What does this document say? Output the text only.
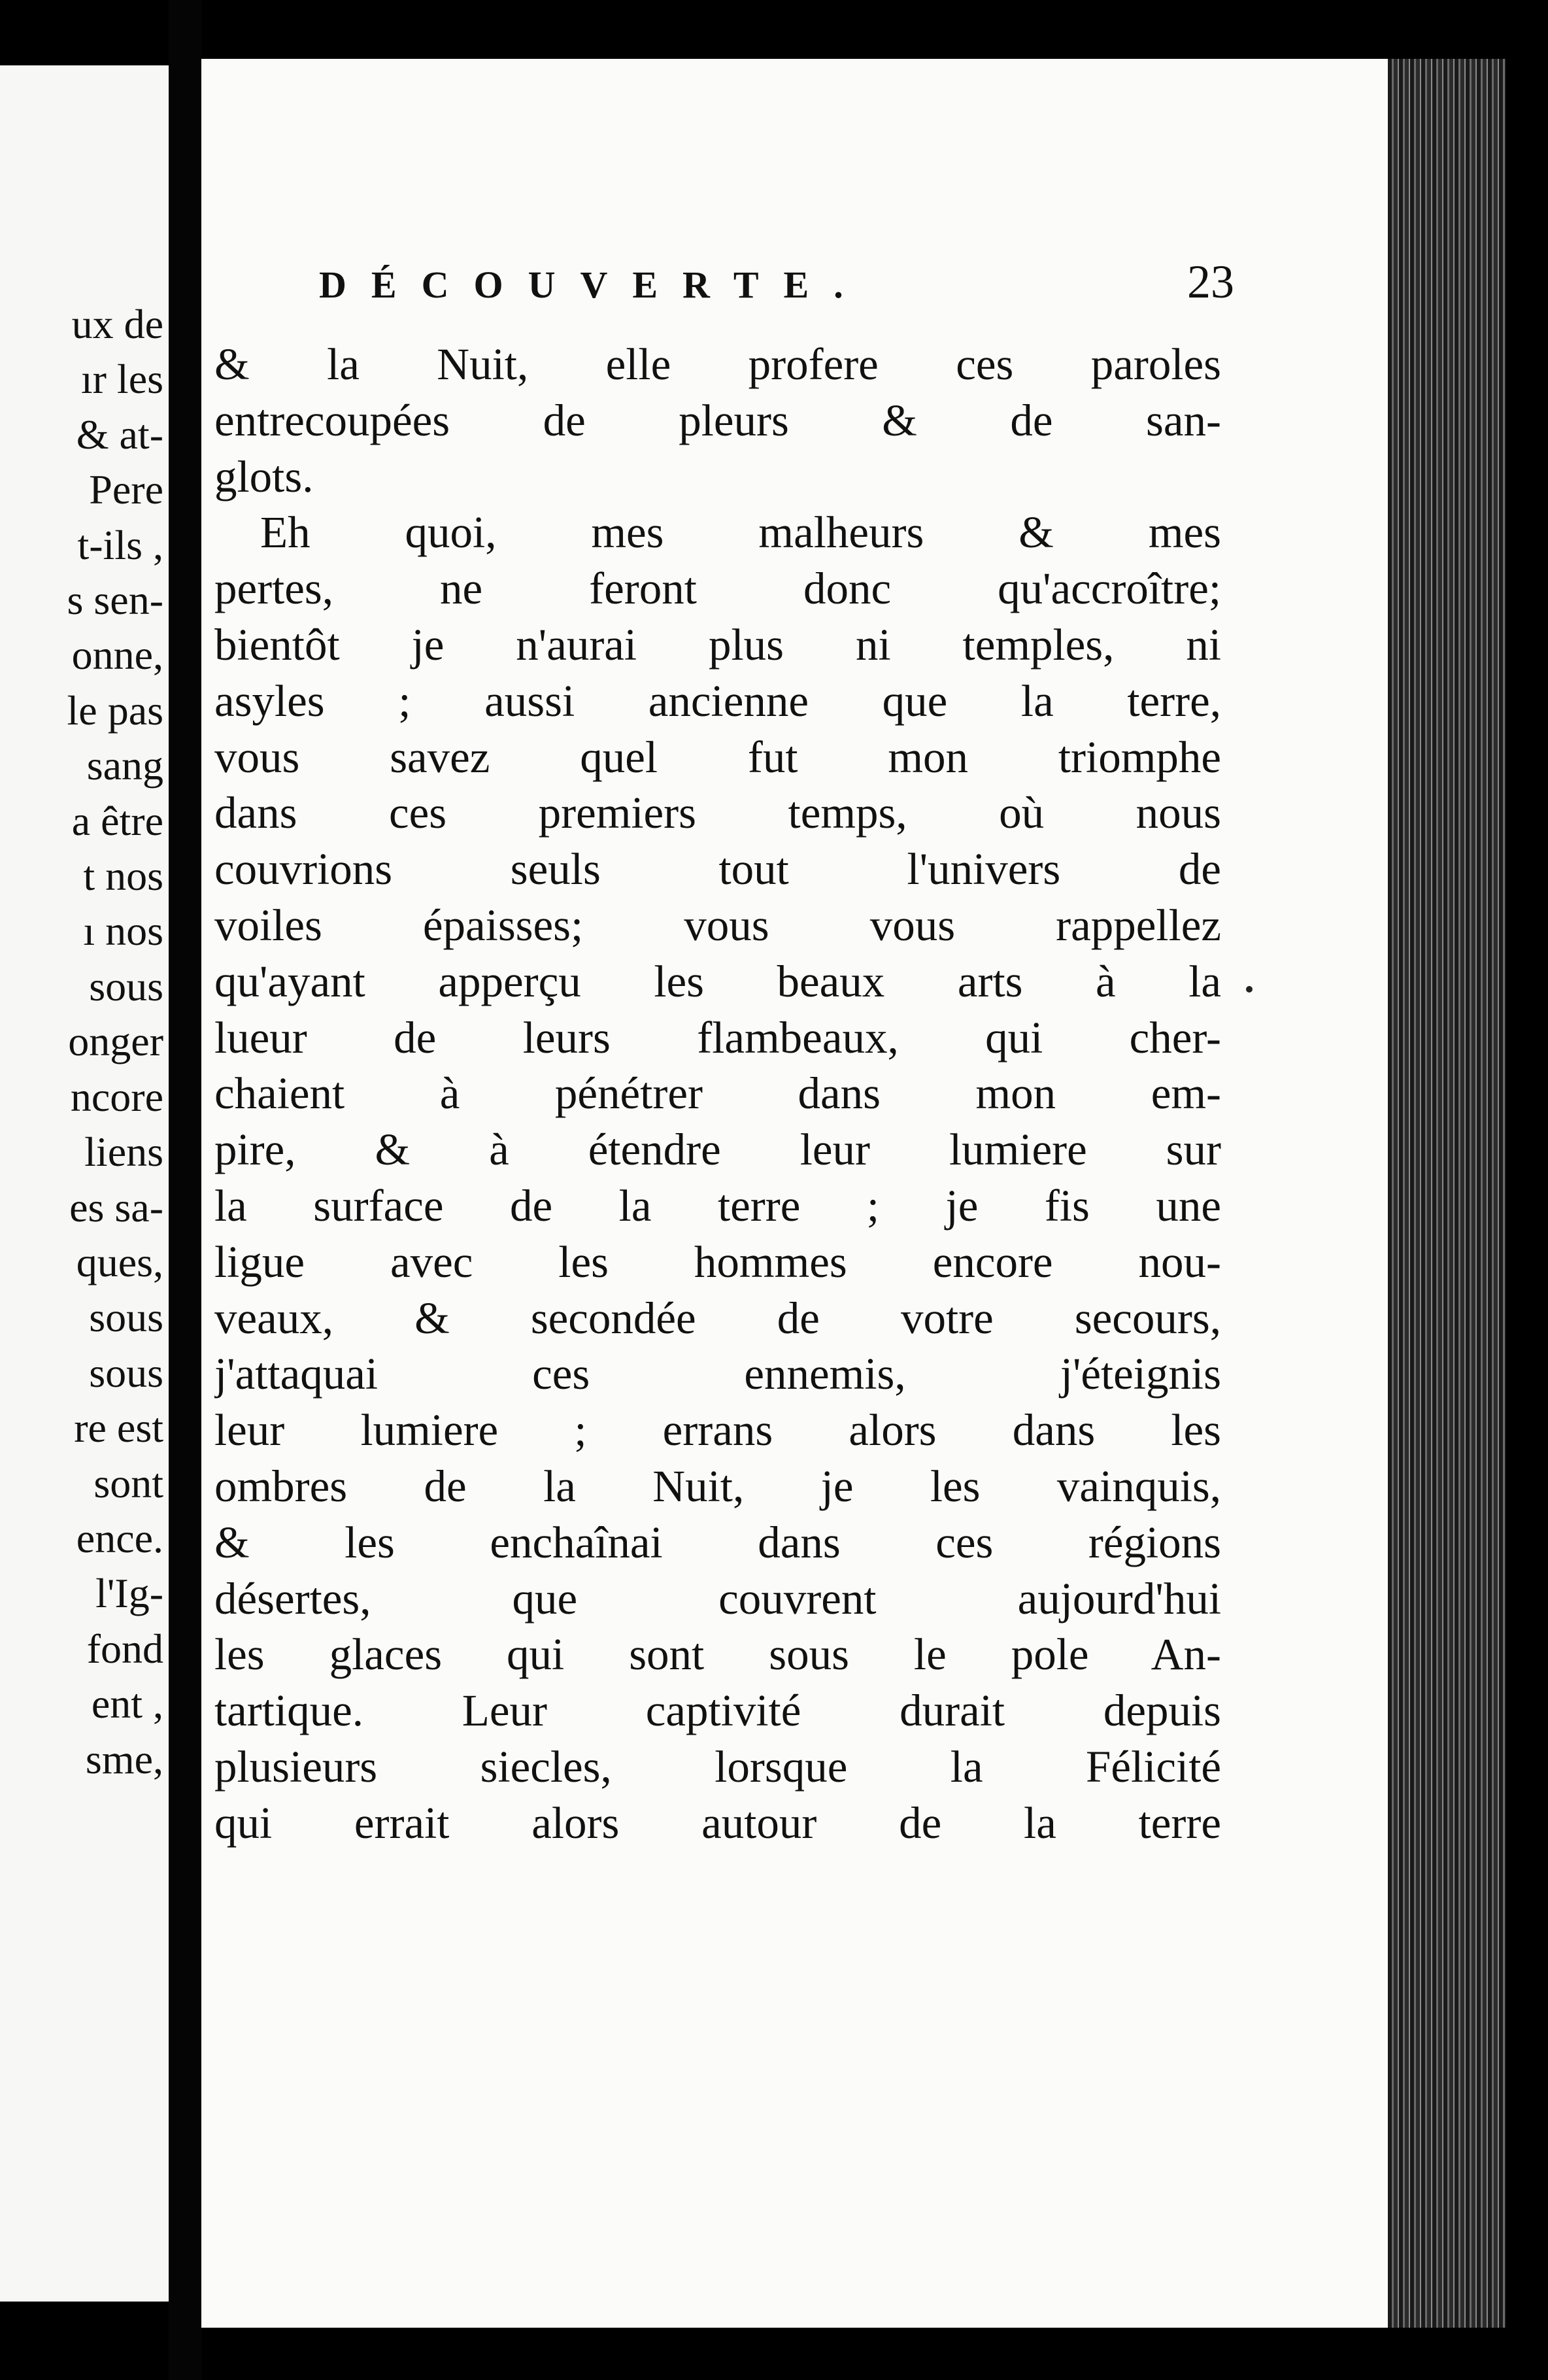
ux de
ır les
& at-
Pere
t-ils ,
s sen-
onne,
le pas
sang
a être
t nos
ı nos
sous
onger
ncore
liens
es sa-
ques,
sous
sous
re est
sont
ence.
l'Ig-
fond
ent ,
sme,
DÉCOUVERTE.	23
& la Nuit, elle profere ces paroles
entrecoupées de pleurs & de san-
glots.
Eh quoi, mes malheurs & mes
pertes, ne feront donc qu'accroître;
bientôt je n'aurai plus ni temples, ni
asyles ; aussi ancienne que la terre,
vous savez quel fut mon triomphe
dans ces premiers temps, où nous
couvrions seuls tout l'univers de
voiles épaisses; vous vous rappellez
qu'ayant apperçu les beaux arts à la
lueur de leurs flambeaux, qui cher-
chaient à pénétrer dans mon em-
pire, & à étendre leur lumiere sur
la surface de la terre ; je fis une
ligue avec les hommes encore nou-
veaux, & secondée de votre secours,
j'attaquai ces ennemis, j'éteignis
leur lumiere ; errans alors dans les
ombres de la Nuit, je les vainquis,
& les enchaînai dans ces régions
désertes, que couvrent aujourd'hui
les glaces qui sont sous le pole An-
tartique. Leur captivité durait depuis
plusieurs siecles, lorsque la Félicité
qui errait alors autour de la terre
